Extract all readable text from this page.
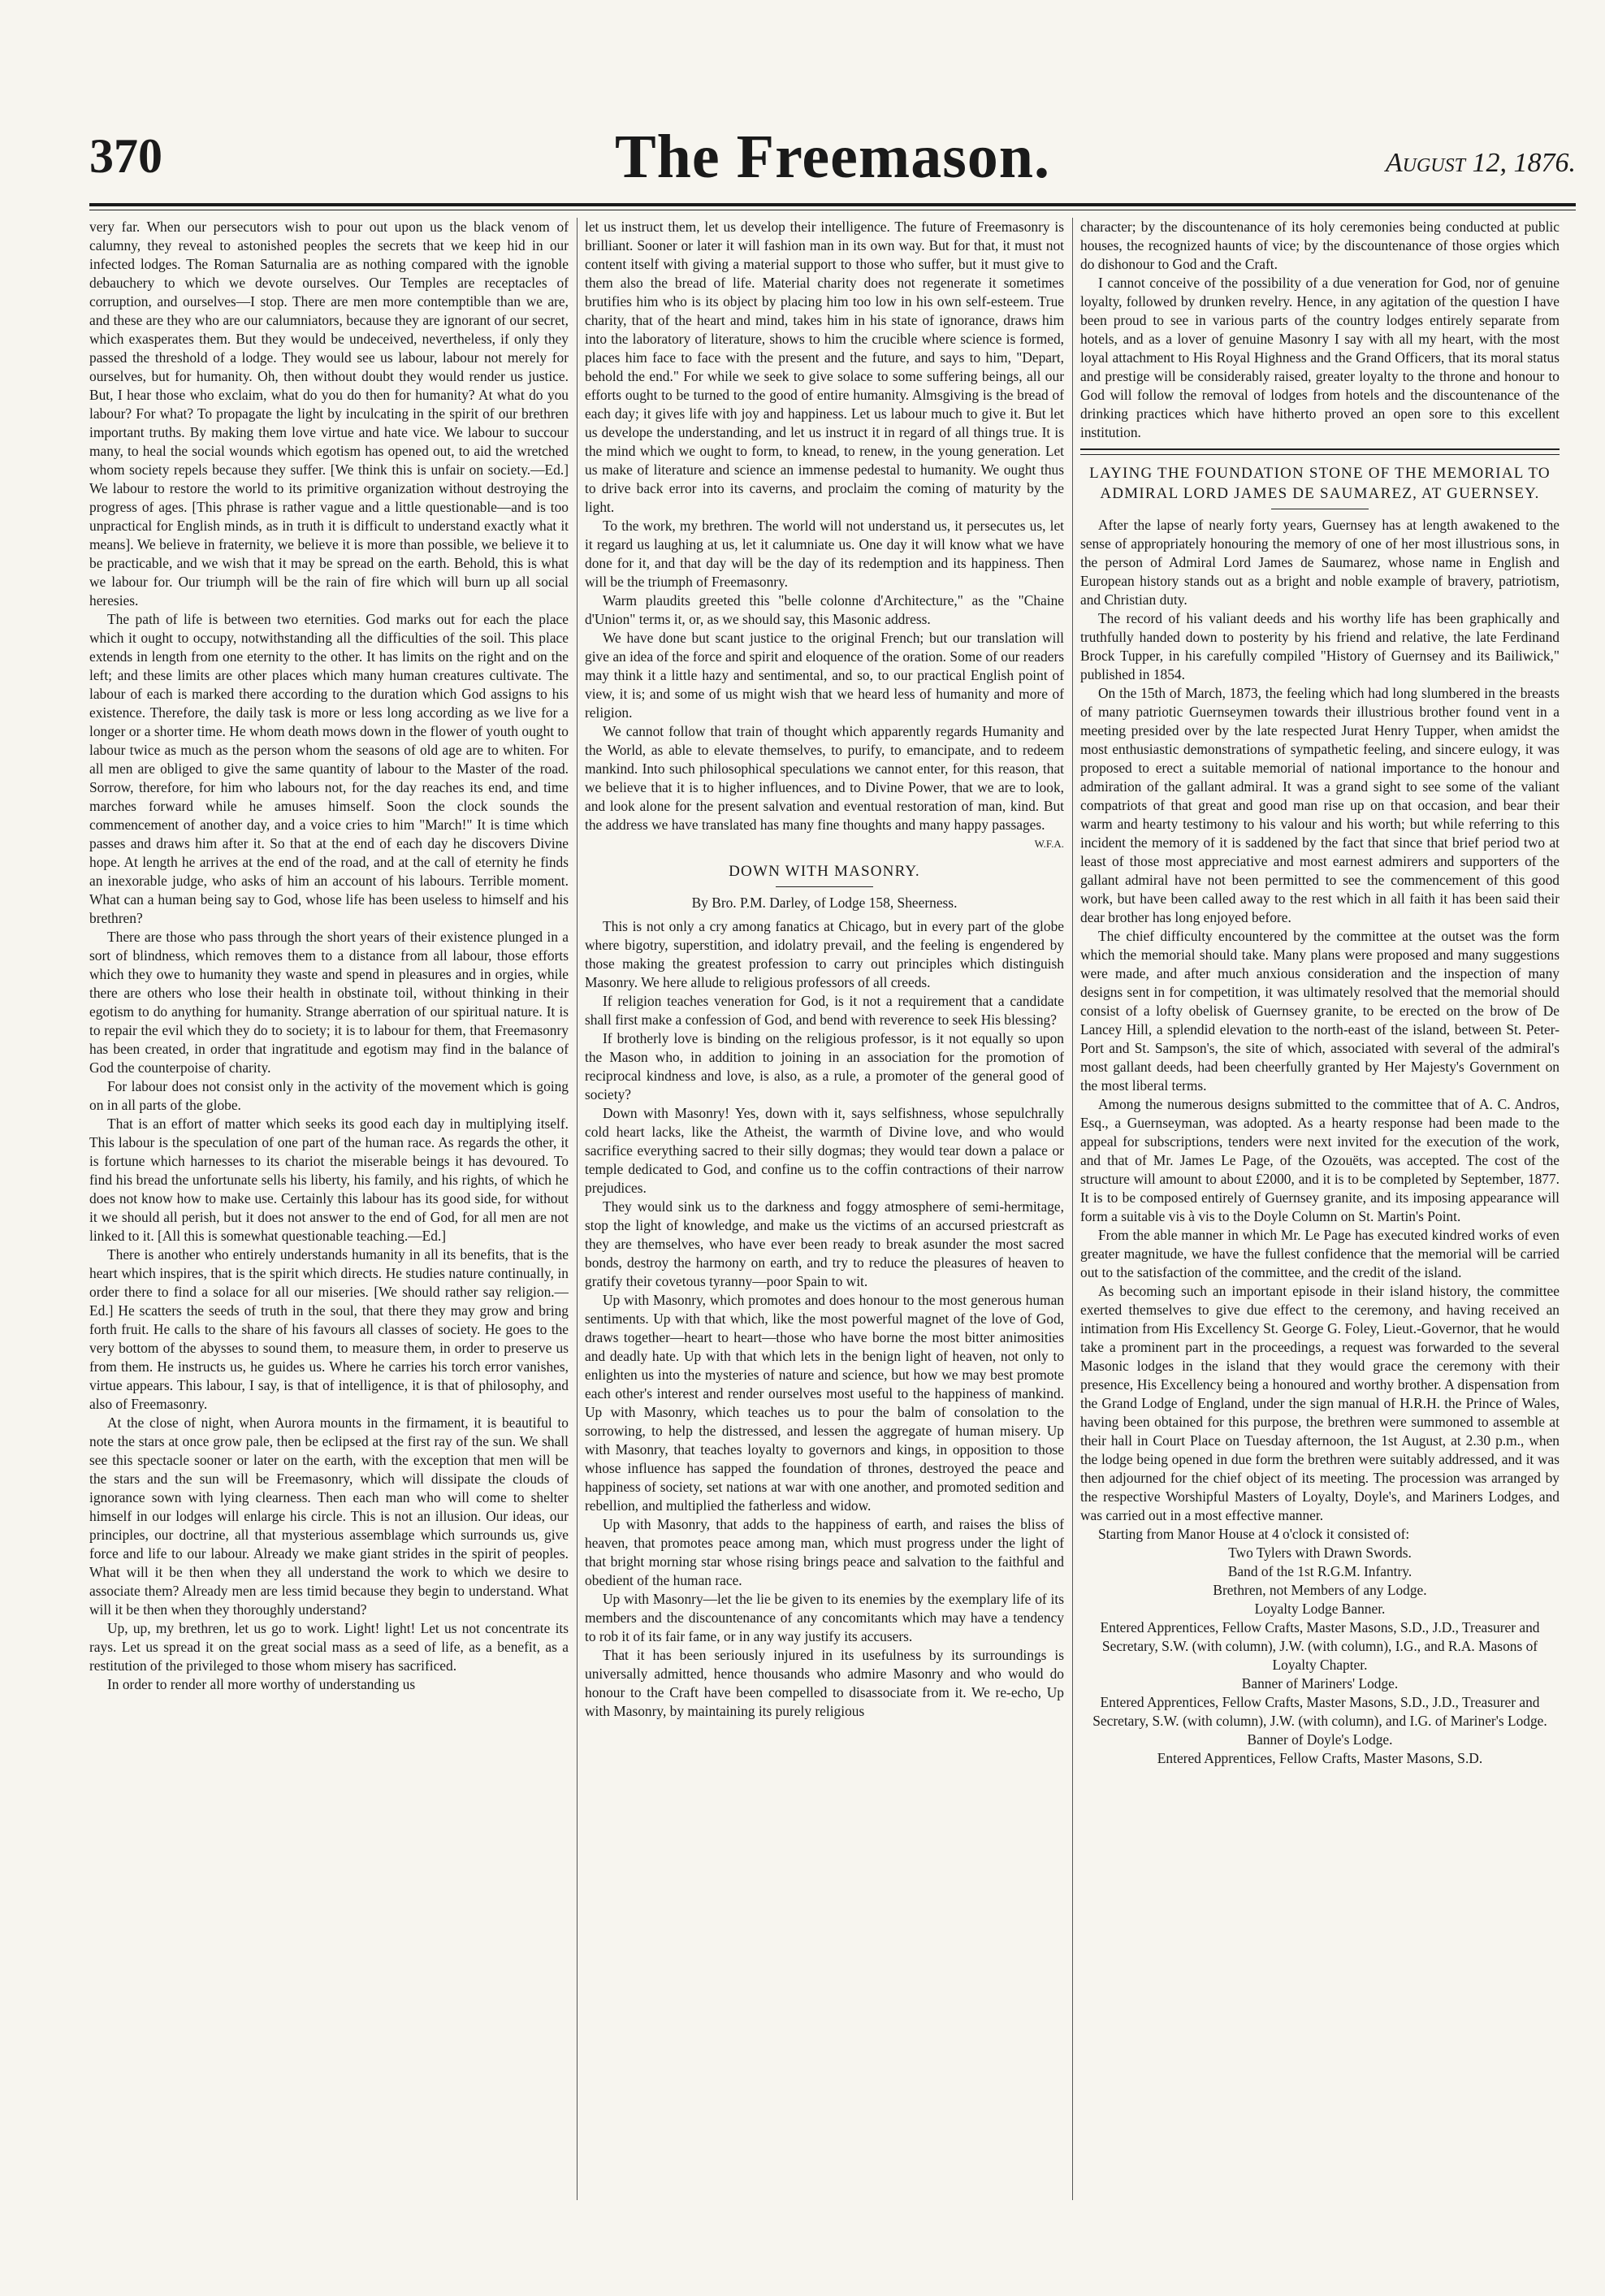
370	The Freemason.	August 12, 1876.

very far. When our persecutors wish to pour out upon us the black venom of calumny, they reveal to astonished peoples the secrets that we keep hid in our infected lodges. The Roman Saturnalia are as nothing compared with the ignoble debauchery to which we devote ourselves. Our Temples are receptacles of corruption, and ourselves—I stop. There are men more contemptible than we are, and these are they who are our calumniators, because they are ignorant of our secret, which exasperates them. But they would be undeceived, nevertheless, if only they passed the threshold of a lodge. They would see us labour, labour not merely for ourselves, but for humanity. Oh, then without doubt they would render us justice. But, I hear those who exclaim, what do you do then for humanity? At what do you labour? For what? To propagate the light by inculcating in the spirit of our brethren important truths. By making them love virtue and hate vice. We labour to succour many, to heal the social wounds which egotism has opened out, to aid the wretched whom society repels because they suffer. [We think this is unfair on society.—Ed.] We labour to restore the world to its primitive organization without destroying the progress of ages. [This phrase is rather vague and a little questionable—and is too unpractical for English minds, as in truth it is difficult to understand exactly what it means]. We believe in fraternity, we believe it is more than possible, we believe it to be practicable, and we wish that it may be spread on the earth. Behold, this is what we labour for. Our triumph will be the rain of fire which will burn up all social heresies.

The path of life is between two eternities. God marks out for each the place which it ought to occupy, notwithstanding all the difficulties of the soil. This place extends in length from one eternity to the other. It has limits on the right and on the left; and these limits are other places which many human creatures cultivate. The labour of each is marked there according to the duration which God assigns to his existence. Therefore, the daily task is more or less long according as we live for a longer or a shorter time. He whom death mows down in the flower of youth ought to labour twice as much as the person whom the seasons of old age are to whiten. For all men are obliged to give the same quantity of labour to the Master of the road. Sorrow, therefore, for him who labours not, for the day reaches its end, and time marches forward while he amuses himself. Soon the clock sounds the commencement of another day, and a voice cries to him "March!" It is time which passes and draws him after it. So that at the end of each day he discovers Divine hope. At length he arrives at the end of the road, and at the call of eternity he finds an inexorable judge, who asks of him an account of his labours. Terrible moment. What can a human being say to God, whose life has been useless to himself and his brethren?

There are those who pass through the short years of their existence plunged in a sort of blindness, which removes them to a distance from all labour, those efforts which they owe to humanity they waste and spend in pleasures and in orgies, while there are others who lose their health in obstinate toil, without thinking in their egotism to do anything for humanity. Strange aberration of our spiritual nature. It is to repair the evil which they do to society; it is to labour for them, that Freemasonry has been created, in order that ingratitude and egotism may find in the balance of God the counterpoise of charity.

For labour does not consist only in the activity of the movement which is going on in all parts of the globe.

That is an effort of matter which seeks its good each day in multiplying itself. This labour is the speculation of one part of the human race. As regards the other, it is fortune which harnesses to its chariot the miserable beings it has devoured. To find his bread the unfortunate sells his liberty, his family, and his rights, of which he does not know how to make use. Certainly this labour has its good side, for without it we should all perish, but it does not answer to the end of God, for all men are not linked to it. [All this is somewhat questionable teaching.—Ed.]

There is another who entirely understands humanity in all its benefits, that is the heart which inspires, that is the spirit which directs. He studies nature continually, in order there to find a solace for all our miseries. [We should rather say religion.—Ed.] He scatters the seeds of truth in the soul, that there they may grow and bring forth fruit. He calls to the share of his favours all classes of society. He goes to the very bottom of the abysses to sound them, to measure them, in order to preserve us from them. He instructs us, he guides us. Where he carries his torch error vanishes, virtue appears. This labour, I say, is that of intelligence, it is that of philosophy, and also of Freemasonry.

At the close of night, when Aurora mounts in the firmament, it is beautiful to note the stars at once grow pale, then be eclipsed at the first ray of the sun. We shall see this spectacle sooner or later on the earth, with the exception that men will be the stars and the sun will be Freemasonry, which will dissipate the clouds of ignorance sown with lying clearness. Then each man who will come to shelter himself in our lodges will enlarge his circle. This is not an illusion. Our ideas, our principles, our doctrine, all that mysterious assemblage which surrounds us, give force and life to our labour. Already we make giant strides in the spirit of peoples. What will it be then when they all understand the work to which we desire to associate them? Already men are less timid because they begin to understand. What will it be then when they thoroughly understand?

Up, up, my brethren, let us go to work. Light! light! Let us not concentrate its rays. Let us spread it on the great social mass as a seed of life, as a benefit, as a restitution of the privileged to those whom misery has sacrificed.

In order to render all more worthy of understanding us

let us instruct them, let us develop their intelligence. The future of Freemasonry is brilliant. Sooner or later it will fashion man in its own way. But for that, it must not content itself with giving a material support to those who suffer, but it must give to them also the bread of life. Material charity does not regenerate it sometimes brutifies him who is its object by placing him too low in his own self-esteem. True charity, that of the heart and mind, takes him in his state of ignorance, draws him into the laboratory of literature, shows to him the crucible where science is formed, places him face to face with the present and the future, and says to him, "Depart, behold the end." For while we seek to give solace to some suffering beings, all our efforts ought to be turned to the good of entire humanity. Almsgiving is the bread of each day; it gives life with joy and happiness. Let us labour much to give it. But let us develope the understanding, and let us instruct it in regard of all things true. It is the mind which we ought to form, to knead, to renew, in the young generation. Let us make of literature and science an immense pedestal to humanity. We ought thus to drive back error into its caverns, and proclaim the coming of maturity by the light.

To the work, my brethren. The world will not understand us, it persecutes us, let it regard us laughing at us, let it calumniate us. One day it will know what we have done for it, and that day will be the day of its redemption and its happiness. Then will be the triumph of Freemasonry.

Warm plaudits greeted this "belle colonne d'Architecture," as the "Chaine d'Union" terms it, or, as we should say, this Masonic address.

We have done but scant justice to the original French; but our translation will give an idea of the force and spirit and eloquence of the oration. Some of our readers may think it a little hazy and sentimental, and so, to our practical English point of view, it is; and some of us might wish that we heard less of humanity and more of religion.

We cannot follow that train of thought which apparently regards Humanity and the World, as able to elevate themselves, to purify, to emancipate, and to redeem mankind. Into such philosophical speculations we cannot enter, for this reason, that we believe that it is to higher influences, and to Divine Power, that we are to look, and look alone for the present salvation and eventual restoration of man, kind. But the address we have translated has many fine thoughts and many happy passages.

W.F.A.

DOWN WITH MASONRY.

By Bro. P.M. Darley, of Lodge 158, Sheerness.

This is not only a cry among fanatics at Chicago, but in every part of the globe where bigotry, superstition, and idolatry prevail, and the feeling is engendered by those making the greatest profession to carry out principles which distinguish Masonry. We here allude to religious professors of all creeds.

If religion teaches veneration for God, is it not a requirement that a candidate shall first make a confession of God, and bend with reverence to seek His blessing?

If brotherly love is binding on the religious professor, is it not equally so upon the Mason who, in addition to joining in an association for the promotion of reciprocal kindness and love, is also, as a rule, a promoter of the general good of society?

Down with Masonry! Yes, down with it, says selfishness, whose sepulchrally cold heart lacks, like the Atheist, the warmth of Divine love, and who would sacrifice everything sacred to their silly dogmas; they would tear down a palace or temple dedicated to God, and confine us to the coffin contractions of their narrow prejudices.

They would sink us to the darkness and foggy atmosphere of semi-hermitage, stop the light of knowledge, and make us the victims of an accursed priestcraft as they are themselves, who have ever been ready to break asunder the most sacred bonds, destroy the harmony on earth, and try to reduce the pleasures of heaven to gratify their covetous tyranny—poor Spain to wit.

Up with Masonry, which promotes and does honour to the most generous human sentiments. Up with that which, like the most powerful magnet of the love of God, draws together—heart to heart—those who have borne the most bitter animosities and deadly hate. Up with that which lets in the benign light of heaven, not only to enlighten us into the mysteries of nature and science, but how we may best promote each other's interest and render ourselves most useful to the happiness of mankind. Up with Masonry, which teaches us to pour the balm of consolation to the sorrowing, to help the distressed, and lessen the aggregate of human misery. Up with Masonry, that teaches loyalty to governors and kings, in opposition to those whose influence has sapped the foundation of thrones, destroyed the peace and happiness of society, set nations at war with one another, and promoted sedition and rebellion, and multiplied the fatherless and widow.

Up with Masonry, that adds to the happiness of earth, and raises the bliss of heaven, that promotes peace among man, which must progress under the light of that bright morning star whose rising brings peace and salvation to the faithful and obedient of the human race.

Up with Masonry—let the lie be given to its enemies by the exemplary life of its members and the discountenance of any concomitants which may have a tendency to rob it of its fair fame, or in any way justify its accusers.

That it has been seriously injured in its usefulness by its surroundings is universally admitted, hence thousands who admire Masonry and who would do honour to the Craft have been compelled to disassociate from it. We re-echo, Up with Masonry, by maintaining its purely religious

character; by the discountenance of its holy ceremonies being conducted at public houses, the recognized haunts of vice; by the discountenance of those orgies which do dishonour to God and the Craft.

I cannot conceive of the possibility of a due veneration for God, nor of genuine loyalty, followed by drunken revelry. Hence, in any agitation of the question I have been proud to see in various parts of the country lodges entirely separate from hotels, and as a lover of genuine Masonry I say with all my heart, with the most loyal attachment to His Royal Highness and the Grand Officers, that its moral status and prestige will be considerably raised, greater loyalty to the throne and honour to God will follow the removal of lodges from hotels and the discountenance of the drinking practices which have hitherto proved an open sore to this excellent institution.

LAYING THE FOUNDATION STONE OF THE MEMORIAL TO ADMIRAL LORD JAMES DE SAUMAREZ, AT GUERNSEY.

After the lapse of nearly forty years, Guernsey has at length awakened to the sense of appropriately honouring the memory of one of her most illustrious sons, in the person of Admiral Lord James de Saumarez, whose name in English and European history stands out as a bright and noble example of bravery, patriotism, and Christian duty.

The record of his valiant deeds and his worthy life has been graphically and truthfully handed down to posterity by his friend and relative, the late Ferdinand Brock Tupper, in his carefully compiled "History of Guernsey and its Bailiwick," published in 1854.

On the 15th of March, 1873, the feeling which had long slumbered in the breasts of many patriotic Guernseymen towards their illustrious brother found vent in a meeting presided over by the late respected Jurat Henry Tupper, when amidst the most enthusiastic demonstrations of sympathetic feeling, and sincere eulogy, it was proposed to erect a suitable memorial of national importance to the honour and admiration of the gallant admiral. It was a grand sight to see some of the valiant compatriots of that great and good man rise up on that occasion, and bear their warm and hearty testimony to his valour and his worth; but while referring to this incident the memory of it is saddened by the fact that since that brief period two at least of those most appreciative and most earnest admirers and supporters of the gallant admiral have not been permitted to see the commencement of this good work, but have been called away to the rest which in all faith it has been said their dear brother has long enjoyed before.

The chief difficulty encountered by the committee at the outset was the form which the memorial should take. Many plans were proposed and many suggestions were made, and after much anxious consideration and the inspection of many designs sent in for competition, it was ultimately resolved that the memorial should consist of a lofty obelisk of Guernsey granite, to be erected on the brow of De Lancey Hill, a splendid elevation to the north-east of the island, between St. Peter-Port and St. Sampson's, the site of which, associated with several of the admiral's most gallant deeds, had been cheerfully granted by Her Majesty's Government on the most liberal terms.

Among the numerous designs submitted to the committee that of A. C. Andros, Esq., a Guernseyman, was adopted. As a hearty response had been made to the appeal for subscriptions, tenders were next invited for the execution of the work, and that of Mr. James Le Page, of the Ozouëts, was accepted. The cost of the structure will amount to about £2000, and it is to be completed by September, 1877. It is to be composed entirely of Guernsey granite, and its imposing appearance will form a suitable vis à vis to the Doyle Column on St. Martin's Point.

From the able manner in which Mr. Le Page has executed kindred works of even greater magnitude, we have the fullest confidence that the memorial will be carried out to the satisfaction of the committee, and the credit of the island.

As becoming such an important episode in their island history, the committee exerted themselves to give due effect to the ceremony, and having received an intimation from His Excellency St. George G. Foley, Lieut.-Governor, that he would take a prominent part in the proceedings, a request was forwarded to the several Masonic lodges in the island that they would grace the ceremony with their presence, His Excellency being a honoured and worthy brother. A dispensation from the Grand Lodge of England, under the sign manual of H.R.H. the Prince of Wales, having been obtained for this purpose, the brethren were summoned to assemble at their hall in Court Place on Tuesday afternoon, the 1st August, at 2.30 p.m., when the lodge being opened in due form the brethren were suitably addressed, and it was then adjourned for the chief object of its meeting. The procession was arranged by the respective Worshipful Masters of Loyalty, Doyle's, and Mariners Lodges, and was carried out in a most effective manner.

Starting from Manor House at 4 o'clock it consisted of:

Two Tylers with Drawn Swords.

Band of the 1st R.G.M. Infantry.

Brethren, not Members of any Lodge.

Loyalty Lodge Banner.

Entered Apprentices, Fellow Crafts, Master Masons, S.D., J.D., Treasurer and Secretary, S.W. (with column), J.W. (with column), I.G., and R.A. Masons of Loyalty Chapter.

Banner of Mariners' Lodge.

Entered Apprentices, Fellow Crafts, Master Masons, S.D., J.D., Treasurer and Secretary, S.W. (with column), J.W. (with column), and I.G. of Mariner's Lodge.

Banner of Doyle's Lodge.

Entered Apprentices, Fellow Crafts, Master Masons, S.D.
